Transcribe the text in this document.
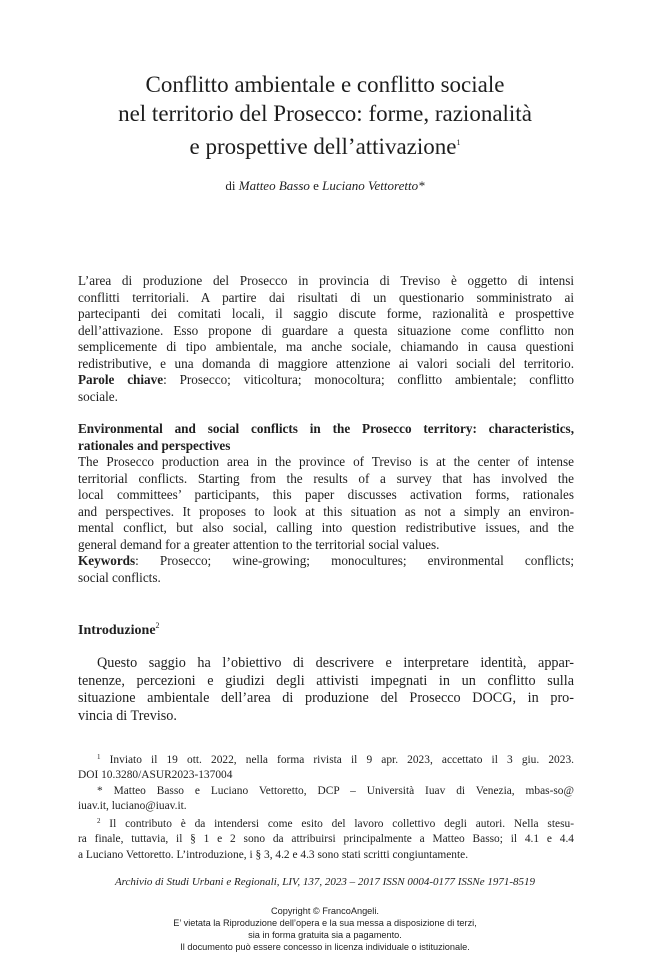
Conflitto ambientale e conflitto sociale
nel territorio del Prosecco: forme, razionalità
e prospettive dell’attivazione$^1$
di Matteo Basso e Luciano Vettoretto*
L’area di produzione del Prosecco in provincia di Treviso è oggetto di intensi
conflitti territoriali. A partire dai risultati di un questionario somministrato ai
partecipanti dei comitati locali, il saggio discute forme, razionalità e prospettive
dell’attivazione. Esso propone di guardare a questa situazione come conflitto non
semplicemente di tipo ambientale, ma anche sociale, chiamando in causa questioni
redistributive, e una domanda di maggiore attenzione ai valori sociali del territorio.
Parole chiave: Prosecco; viticoltura; monocoltura; conflitto ambientale; conflitto
sociale.
Environmental and social conflicts in the Prosecco territory: characteristics,
rationales and perspectives
The Prosecco production area in the province of Treviso is at the center of intense
territorial conflicts. Starting from the results of a survey that has involved the
local committees’ participants, this paper discusses activation forms, rationales
and perspectives. It proposes to look at this situation as not a simply an environ-
mental conflict, but also social, calling into question redistributive issues, and the
general demand for a greater attention to the territorial social values.
Keywords: Prosecco; wine-growing; monocultures; environmental conflicts;
social conflicts.
Introduzione$^2$
Questo saggio ha l’obiettivo di descrivere e interpretare identità, appar-
tenenze, percezioni e giudizi degli attivisti impegnati in un conflitto sulla
situazione ambientale dell’area di produzione del Prosecco DOCG, in pro-
vincia di Treviso.
$^1$ Inviato il 19 ott. 2022, nella forma rivista il 9 apr. 2023, accettato il 3 giu. 2023.
DOI 10.3280/ASUR2023-137004
* Matteo Basso e Luciano Vettoretto, DCP – Università Iuav di Venezia, mbas-so@
iuav.it, luciano@iuav.it.
$^2$ Il contributo è da intendersi come esito del lavoro collettivo degli autori. Nella stesu-
ra finale, tuttavia, il § 1 e 2 sono da attribuirsi principalmente a Matteo Basso; il 4.1 e 4.4
a Luciano Vettoretto. L’introduzione, i § 3, 4.2 e 4.3 sono stati scritti congiuntamente.
Archivio di Studi Urbani e Regionali, LIV, 137, 2023 – 2017 ISSN 0004-0177 ISSNe 1971-8519
Copyright © FrancoAngeli.
E’ vietata la Riproduzione dell’opera e la sua messa a disposizione di terzi,
sia in forma gratuita sia a pagamento.
Il documento può essere concesso in licenza individuale o istituzionale.
